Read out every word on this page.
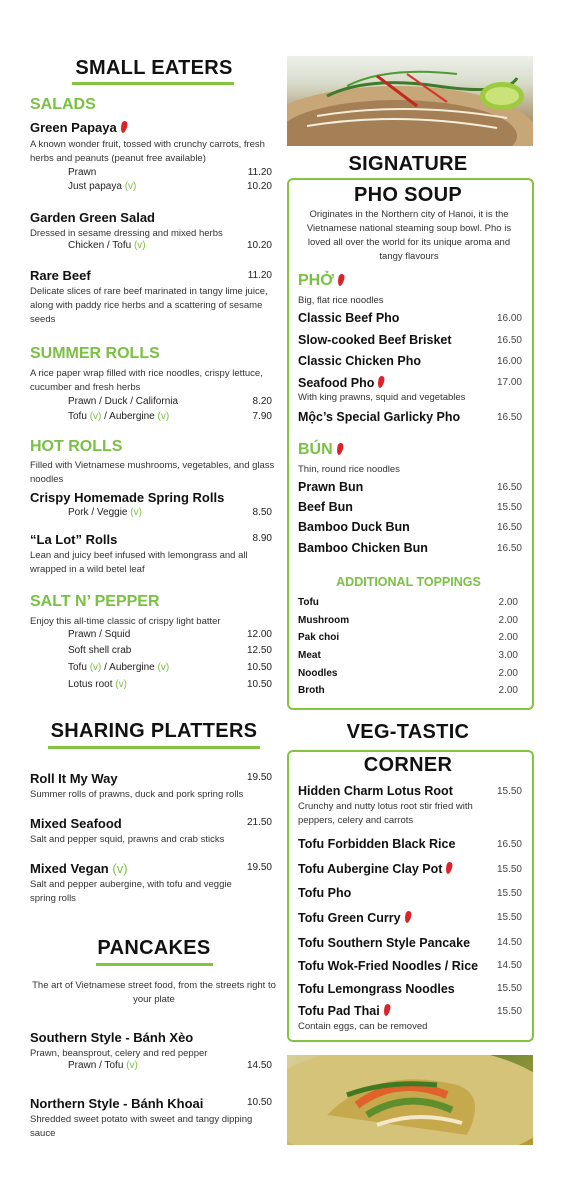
SMALL EATERS
SALADS
Green Papaya
A known wonder fruit, tossed with crunchy carrots, fresh herbs and peanuts (peanut free available)
Prawn	11.20
Just papaya (v)	10.20
Garden Green Salad
Dressed in sesame dressing and mixed herbs
Chicken / Tofu (v)	10.20
Rare Beef	11.20
Delicate slices of rare beef marinated in tangy lime juice, along with paddy rice herbs and a scattering of sesame seeds
SUMMER ROLLS
A rice paper wrap filled with rice noodles, crispy lettuce, cucumber and fresh herbs
Prawn / Duck / California	8.20
Tofu (v) / Aubergine (v)	7.90
HOT ROLLS
Filled with Vietnamese mushrooms, vegetables, and glass noodles
Crispy Homemade Spring Rolls
Pork / Veggie (v)	8.50
“La Lot” Rolls	8.90
Lean and juicy beef infused with lemongrass and all wrapped in a wild betel leaf
SALT N’ PEPPER
Enjoy this all-time classic of crispy light batter
Prawn / Squid	12.00
Soft shell crab	12.50
Tofu (v) / Aubergine (v)	10.50
Lotus root (v)	10.50
SHARING PLATTERS
Roll It My Way	19.50
Summer rolls of prawns, duck and pork spring rolls
Mixed Seafood	21.50
Salt and pepper squid, prawns and crab sticks
Mixed Vegan (v)	19.50
Salt and pepper aubergine, with tofu and veggie spring rolls
PANCAKES
The art of Vietnamese street food, from the streets right to your plate
Southern Style - Bánh Xèo
Prawn, beansprout, celery and red pepper
Prawn / Tofu (v)	14.50
Northern Style - Bánh Khoai	10.50
Shredded sweet potato with sweet and tangy dipping sauce
SIGNATURE
PHO SOUP
Originates in the Northern city of Hanoi, it is the Vietnamese national steaming soup bowl. Pho is loved all over the world for its unique aroma and tangy flavours
PHỞ
Big, flat rice noodles
Classic Beef Pho	16.00
Slow-cooked Beef Brisket	16.50
Classic Chicken Pho	16.00
Seafood Pho	17.00
With king prawns, squid and vegetables
Mộc’s Special Garlicky Pho	16.50
BÚN
Thin, round rice noodles
Prawn Bun	16.50
Beef Bun	15.50
Bamboo Duck Bun	16.50
Bamboo Chicken Bun	16.50
ADDITIONAL TOPPINGS
Tofu	2.00
Mushroom	2.00
Pak choi	2.00
Meat	3.00
Noodles	2.00
Broth	2.00
VEG-TASTIC
CORNER
Hidden Charm Lotus Root	15.50
Crunchy and nutty lotus root stir fried with peppers, celery and carrots
Tofu Forbidden Black Rice	16.50
Tofu Aubergine Clay Pot	15.50
Tofu Pho	15.50
Tofu Green Curry	15.50
Tofu Southern Style Pancake	14.50
Tofu Wok-Fried Noodles / Rice	14.50
Tofu Lemongrass Noodles	15.50
Tofu Pad Thai	15.50
Contain eggs, can be removed
